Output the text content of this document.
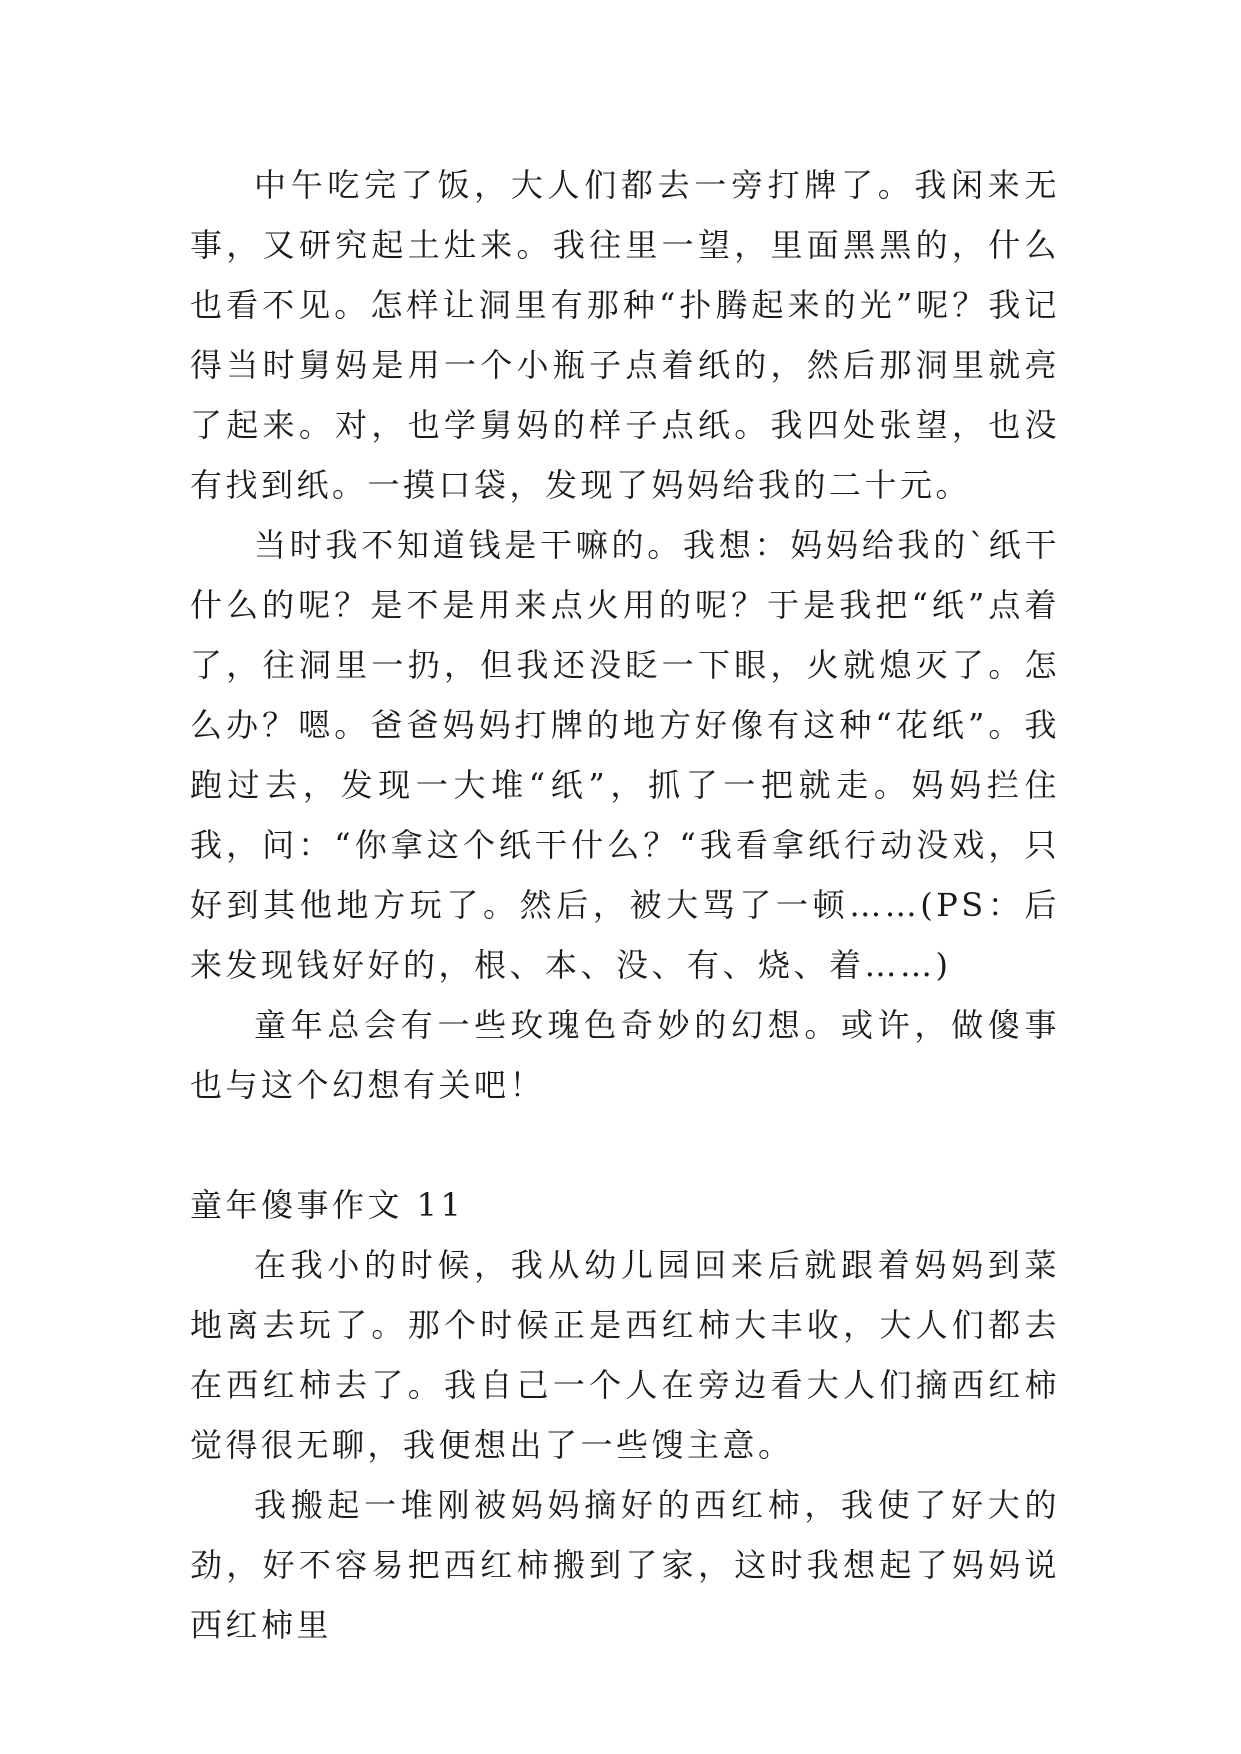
中午吃完了饭，大人们都去一旁打牌了。我闲来无事，又研究起土灶来。我往里一望，里面黑黑的，什么也看不见。怎样让洞里有那种“扑腾起来的光”呢？我记得当时舅妈是用一个小瓶子点着纸的，然后那洞里就亮了起来。对，也学舅妈的样子点纸。我四处张望，也没有找到纸。一摸口袋，发现了妈妈给我的二十元。

当时我不知道钱是干嘛的。我想：妈妈给我的`纸干什么的呢？是不是用来点火用的呢？于是我把“纸”点着了，往洞里一扔，但我还没眨一下眼，火就熄灭了。怎么办？嗯。爸爸妈妈打牌的地方好像有这种“花纸”。我跑过去，发现一大堆“纸”，抓了一把就走。妈妈拦住我，问：“你拿这个纸干什么？“我看拿纸行动没戏，只好到其他地方玩了。然后，被大骂了一顿……(PS：后来发现钱好好的，根、本、没、有、烧、着……)

童年总会有一些玫瑰色奇妙的幻想。或许，做傻事也与这个幻想有关吧！

童年傻事作文 11

在我小的时候，我从幼儿园回来后就跟着妈妈到菜地离去玩了。那个时候正是西红柿大丰收，大人们都去在西红柿去了。我自己一个人在旁边看大人们摘西红柿觉得很无聊，我便想出了一些馊主意。

我搬起一堆刚被妈妈摘好的西红柿，我使了好大的劲，好不容易把西红柿搬到了家，这时我想起了妈妈说西红柿里
